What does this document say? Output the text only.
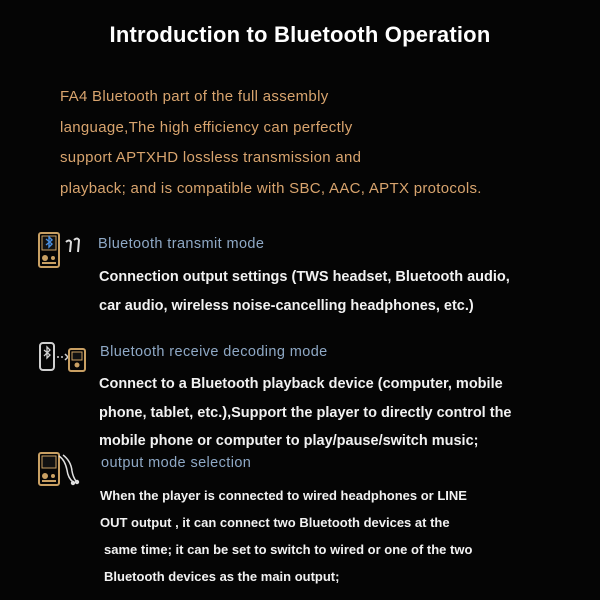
Introduction to Bluetooth Operation
FA4 Bluetooth part of the full assembly
language,The high efficiency can perfectly
support APTXHD lossless transmission and
playback; and is compatible with SBC, AAC, APTX protocols.
Bluetooth transmit mode
Connection output settings (TWS headset, Bluetooth audio,
car audio, wireless noise-cancelling headphones, etc.)
Bluetooth receive decoding mode
Connect to a Bluetooth playback device (computer, mobile
phone, tablet, etc.),Support the player to directly control the
mobile phone or computer to play/pause/switch music;
output mode selection
When the player is connected to wired headphones or LINE
OUT output , it can connect two Bluetooth devices at the
same time; it can be set to switch to wired or one of the two
Bluetooth devices as the main output;
